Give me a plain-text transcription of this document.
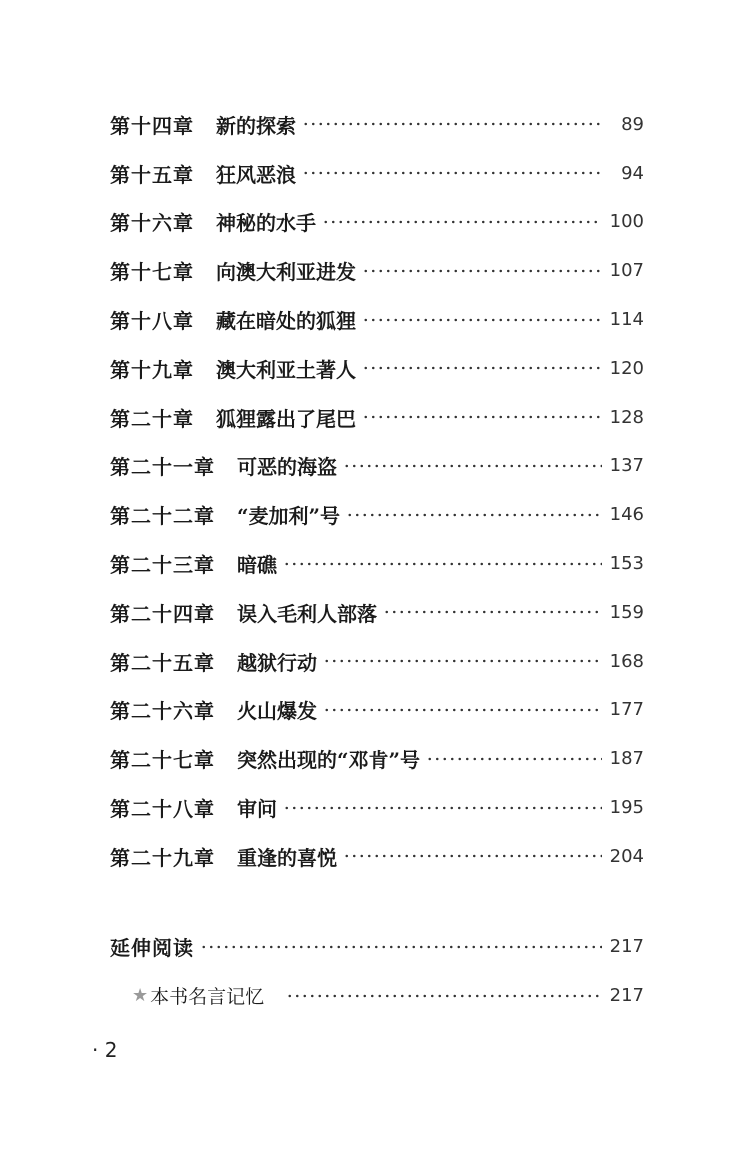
第十四章 新的探索	89
第十五章 狂风恶浪	94
第十六章 神秘的水手	100
第十七章 向澳大利亚进发	107
第十八章 藏在暗处的狐狸	114
第十九章 澳大利亚土著人	120
第二十章 狐狸露出了尾巴	128
第二十一章 可恶的海盗	137
第二十二章 “麦加利”号	146
第二十三章 暗礁	153
第二十四章 误入毛利人部落	159
第二十五章 越狱行动	168
第二十六章 火山爆发	177
第二十七章 突然出现的“邓肯”号	187
第二十八章 审问	195
第二十九章 重逢的喜悦	204
延伸阅读	217
★ 本书名言记忆	217
· 2
